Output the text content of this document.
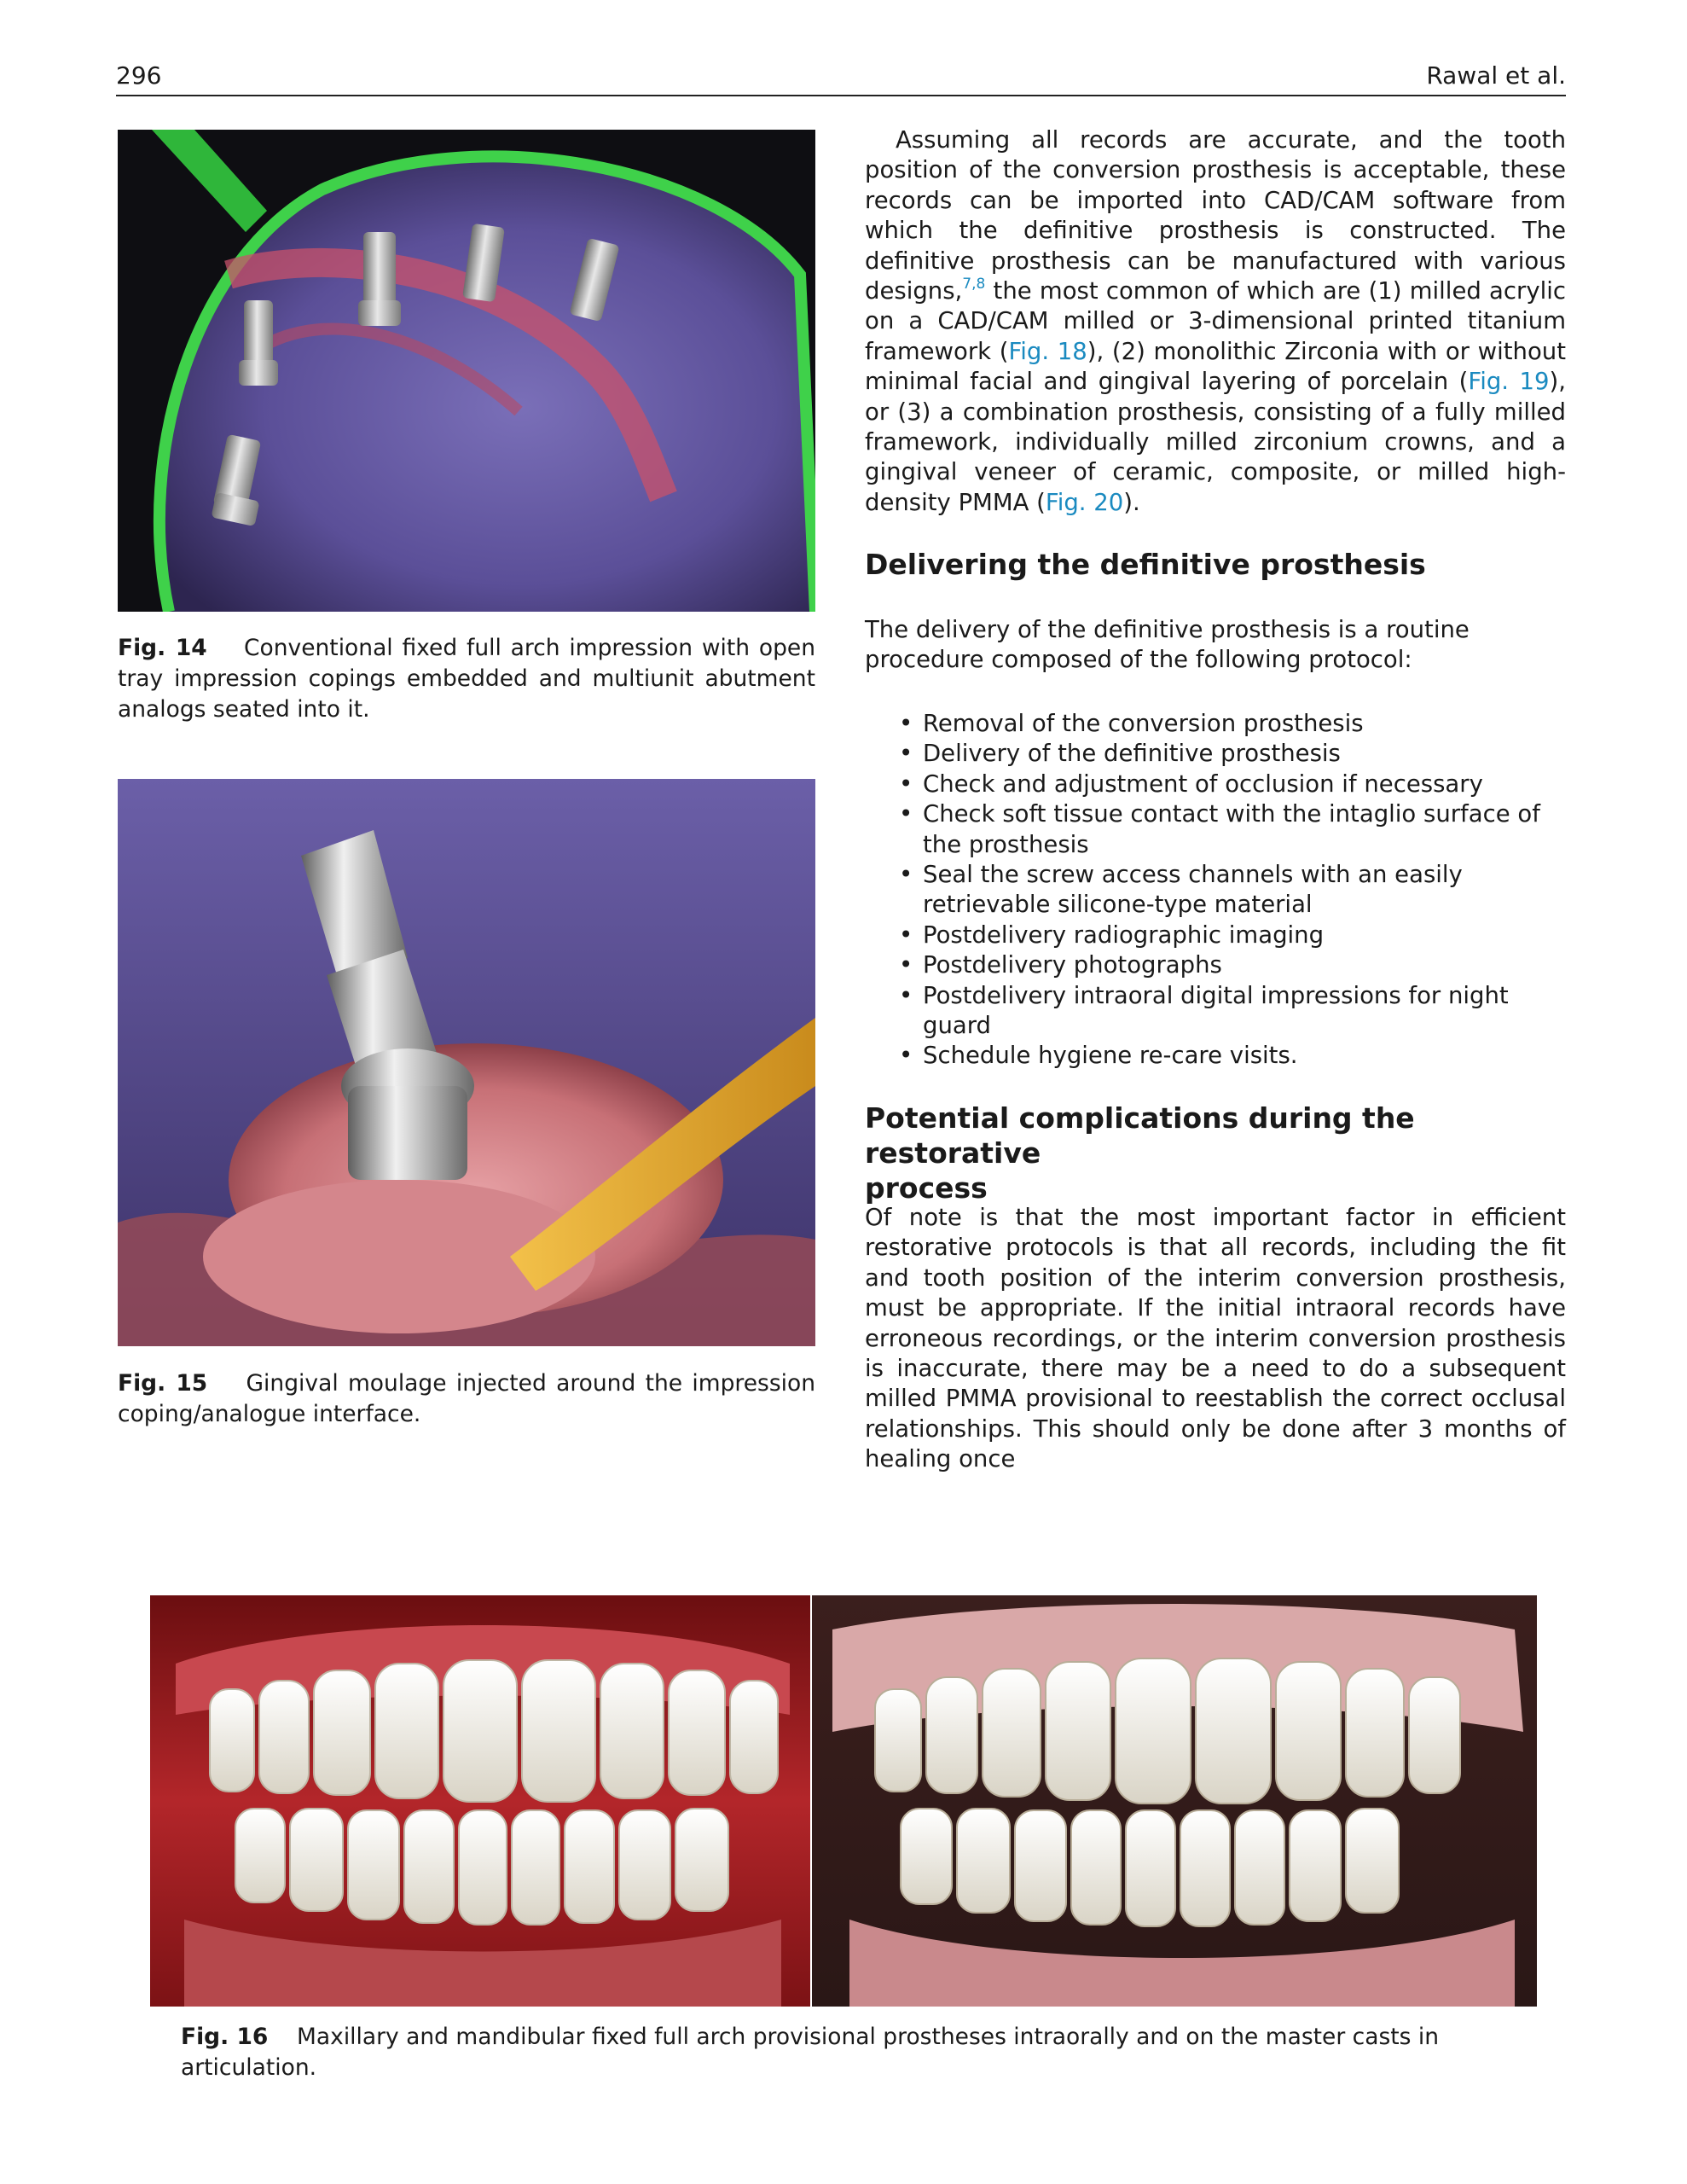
296	Rawal et al.
Fig. 14 Conventional fixed full arch impression with open tray impression copings embedded and multiunit abutment analogs seated into it.
Fig. 15 Gingival moulage injected around the impression coping/analogue interface.

Assuming all records are accurate, and the tooth position of the conversion prosthesis is acceptable, these records can be imported into CAD/CAM software from which the definitive prosthesis is constructed. The definitive prosthesis can be manufactured with various designs,$^{7,8}$ the most common of which are (1) milled acrylic on a CAD/CAM milled or 3-dimensional printed titanium framework (Fig. 18), (2) monolithic Zirconia with or without minimal facial and gingival layering of porcelain (Fig. 19), or (3) a combination prosthesis, consisting of a fully milled framework, individually milled zirconium crowns, and a gingival veneer of ceramic, composite, or milled high-density PMMA (Fig. 20).

Delivering the definitive prosthesis

The delivery of the definitive prosthesis is a routine procedure composed of the following protocol:

• Removal of the conversion prosthesis
• Delivery of the definitive prosthesis
• Check and adjustment of occlusion if necessary
• Check soft tissue contact with the intaglio surface of the prosthesis
• Seal the screw access channels with an easily retrievable silicone-type material
• Postdelivery radiographic imaging
• Postdelivery photographs
• Postdelivery intraoral digital impressions for night guard
• Schedule hygiene re-care visits.
Potential complications during the restorative
process

Of note is that the most important factor in efficient restorative protocols is that all records, including the fit and tooth position of the interim conversion prosthesis, must be appropriate. If the initial intraoral records have erroneous recordings, or the interim conversion prosthesis is inaccurate, there may be a need to do a subsequent milled PMMA provisional to reestablish the correct occlusal relationships. This should only be done after 3 months of healing once

Fig. 16 Maxillary and mandibular fixed full arch provisional prostheses intraorally and on the master casts in articulation.
